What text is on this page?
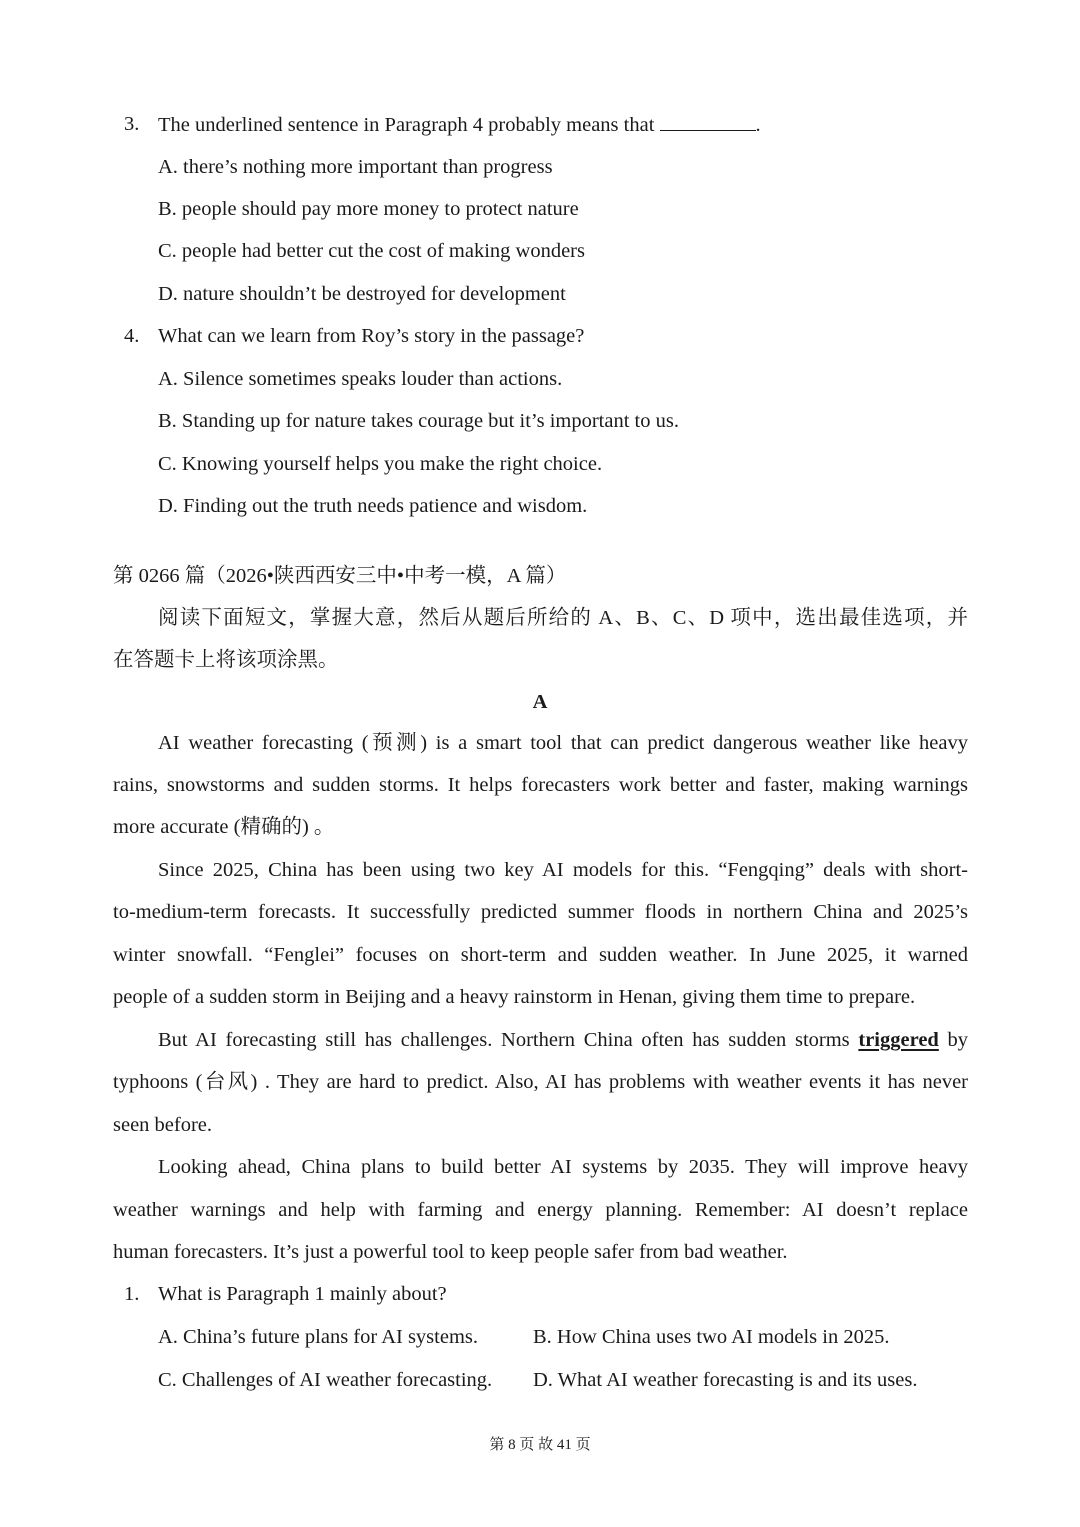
3. The underlined sentence in Paragraph 4 probably means that	.
A. there’s nothing more important than progress
B. people should pay more money to protect nature
C. people had better cut the cost of making wonders
D. nature shouldn’t be destroyed for development
4. What can we learn from Roy’s story in the passage?
A. Silence sometimes speaks louder than actions.
B. Standing up for nature takes courage but it’s important to us.
C. Knowing yourself helps you make the right choice.
D. Finding out the truth needs patience and wisdom.
第 0266 篇（2026•陕西西安三中•中考一模，A 篇）
阅读下面短文，掌握大意，然后从题后所给的 A、B、C、D 项中，选出最佳选项，并
在答题卡上将该项涂黑。
A
AI weather forecasting (预测) is a smart tool that can predict dangerous weather like heavy
rains, snowstorms and sudden storms. It helps forecasters work better and faster, making warnings
more accurate (精确的) 。
Since 2025, China has been using two key AI models for this. “Fengqing” deals with short-
to-medium-term forecasts. It successfully predicted summer floods in northern China and 2025’s
winter snowfall. “Fenglei” focuses on short-term and sudden weather. In June 2025, it warned
people of a sudden storm in Beijing and a heavy rainstorm in Henan, giving them time to prepare.
But AI forecasting still has challenges. Northern China often has sudden storms triggered by
typhoons (台风) . They are hard to predict. Also, AI has problems with weather events it has never
seen before.
Looking ahead, China plans to build better AI systems by 2035. They will improve heavy
weather warnings and help with farming and energy planning. Remember: AI doesn’t replace
human forecasters. It’s just a powerful tool to keep people safer from bad weather.
1. What is Paragraph 1 mainly about?
A. China’s future plans for AI systems.	B. How China uses two AI models in 2025.
C. Challenges of AI weather forecasting. D. What AI weather forecasting is and its uses.
第 8 页 故 41 页
